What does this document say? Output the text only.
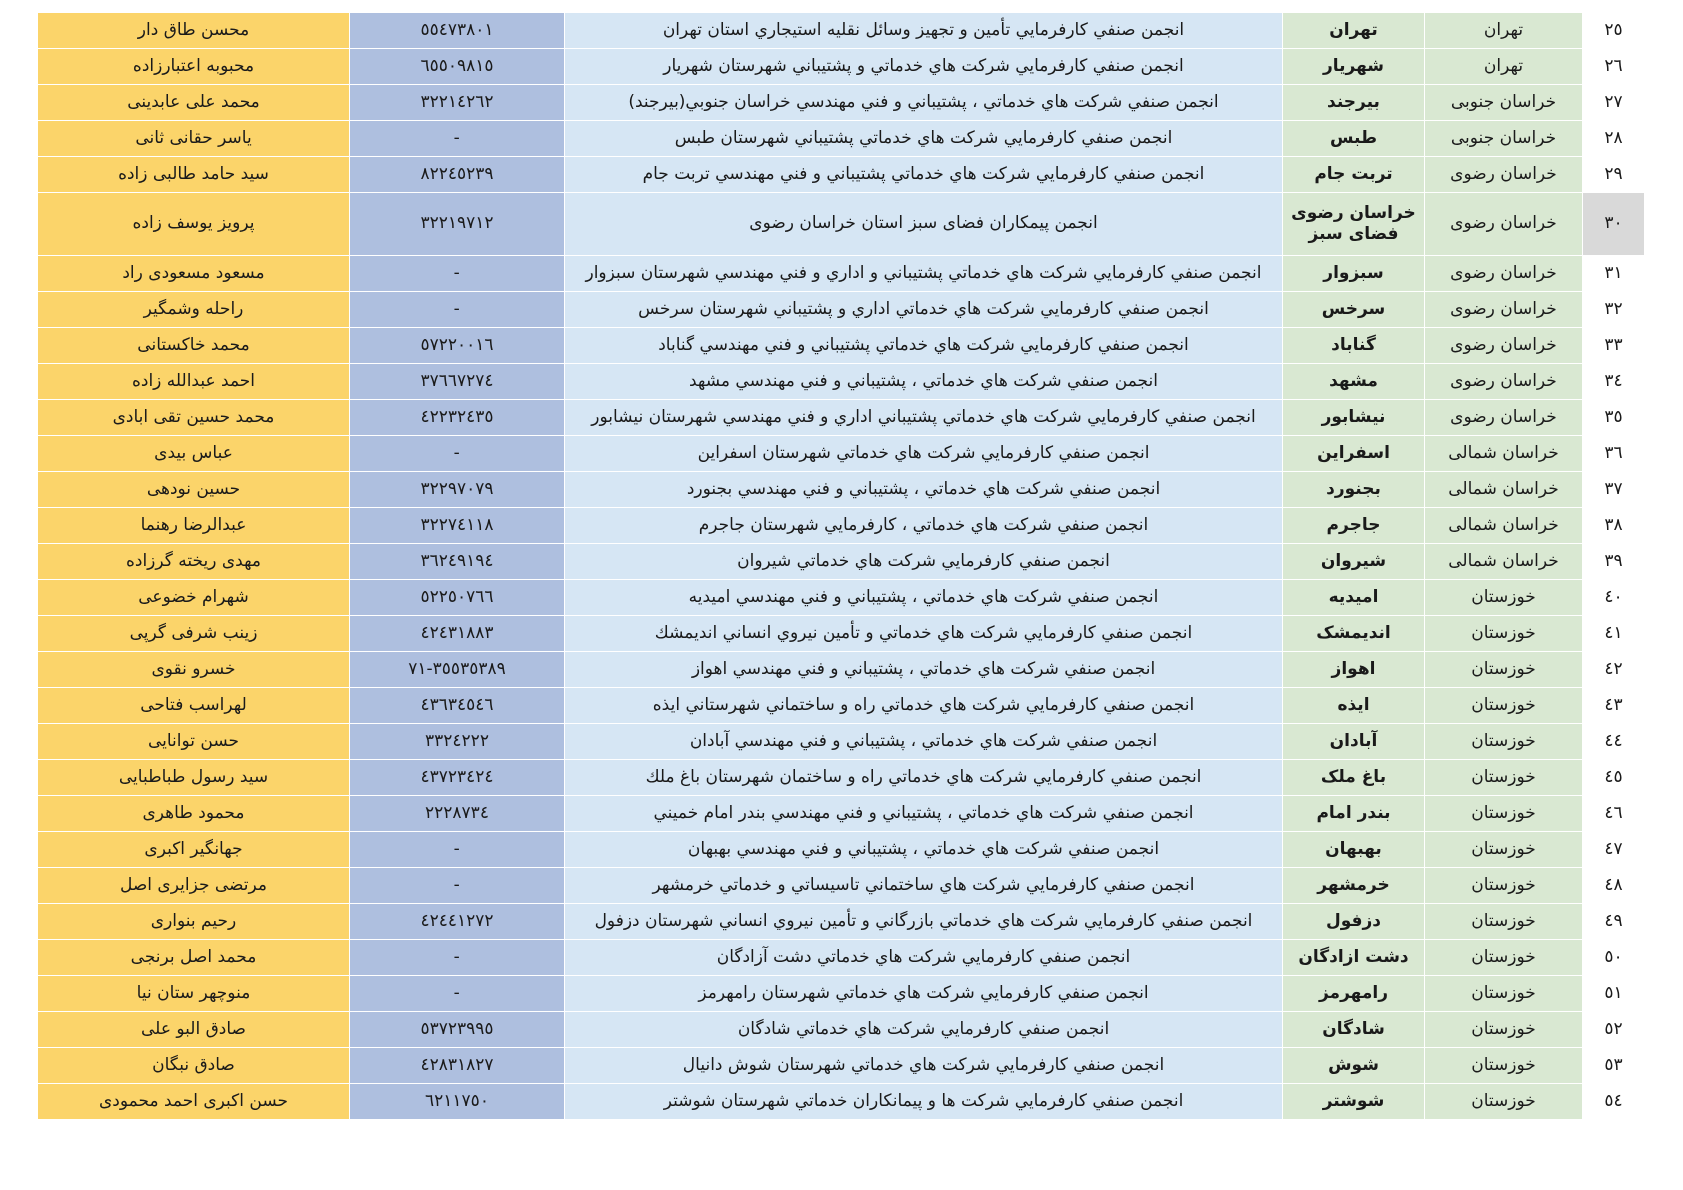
٢٥	تهران	تهران	انجمن صنفي كارفرمايي تأمين و تجهيز وسائل نقليه استيجاري استان تهران	٥٥٤٧٣٨٠١	محسن طاق دار
٢٦	تهران	شهریار	انجمن صنفي كارفرمايي شركت هاي خدماتي و پشتيباني شهرستان شهريار	٦٥٥٠٩٨١٥	محبوبه اعتبارزاده
٢٧	خراسان جنوبی	بیرجند	انجمن صنفي شركت هاي خدماتي ، پشتيباني و فني مهندسي خراسان جنوبي(بيرجند)	٣٢٢١٤٢٦٢	محمد علی عابدینی
٢٨	خراسان جنوبی	طبس	انجمن صنفي كارفرمايي شركت هاي خدماتي پشتيباني شهرستان طبس	-	یاسر حقانی ثانی
٢٩	خراسان رضوی	تربت جام	انجمن صنفي كارفرمايي شركت هاي خدماتي پشتيباني و فني مهندسي تربت جام	٨٢٢٤٥٢٣٩	سید حامد طالبی زاده
٣٠	خراسان رضوی	خراسان رضوی فضای سبز	انجمن پیمکاران فضای سبز استان خراسان رضوی	٣٢٢١٩٧١٢	پرویز یوسف زاده
٣١	خراسان رضوی	سبزوار	انجمن صنفي كارفرمايي شركت هاي خدماتي پشتيباني و اداري و فني مهندسي شهرستان سبزوار	-	مسعود مسعودی راد
٣٢	خراسان رضوی	سرخس	انجمن صنفي كارفرمايي شركت هاي خدماتي اداري و پشتيباني شهرستان سرخس	-	راحله وشمگیر
٣٣	خراسان رضوی	گناباد	انجمن صنفي كارفرمايي شركت هاي خدماتي پشتيباني و فني مهندسي گناباد	٥٧٢٢٠٠١٦	محمد خاکستانی
٣٤	خراسان رضوی	مشهد	انجمن صنفي شركت هاي خدماتي ، پشتيباني و فني مهندسي مشهد	٣٧٦٦٧٢٧٤	احمد عبدالله زاده
٣٥	خراسان رضوی	نیشابور	انجمن صنفي كارفرمايي شركت هاي خدماتي پشتيباني اداري و فني مهندسي شهرستان نيشابور	٤٢٢٣٢٤٣٥	محمد حسین تقی ابادی
٣٦	خراسان شمالی	اسفراین	انجمن صنفي كارفرمايي شركت هاي خدماتي شهرستان اسفراين	-	عباس بیدی
٣٧	خراسان شمالی	بجنورد	انجمن صنفي شركت هاي خدماتي ، پشتيباني و فني مهندسي بجنورد	٣٢٢٩٧٠٧٩	حسین نودهی
٣٨	خراسان شمالی	جاجرم	انجمن صنفي شركت هاي خدماتي ، كارفرمايي شهرستان جاجرم	٣٢٢٧٤١١٨	عبدالرضا رهنما
٣٩	خراسان شمالی	شیروان	انجمن صنفي كارفرمايي شركت هاي خدماتي شيروان	٣٦٢٤٩١٩٤	مهدی ریخته گرزاده
٤٠	خوزستان	امیدیه	انجمن صنفي شركت هاي خدماتي ، پشتيباني و فني مهندسي اميديه	٥٢٢٥٠٧٦٦	شهرام خضوعی
٤١	خوزستان	اندیمشک	انجمن صنفي كارفرمايي شركت هاي خدماتي و تأمين نيروي انساني انديمشك	٤٢٤٣١٨٨٣	زینب شرفی گرپی
٤٢	خوزستان	اهواز	انجمن صنفي شركت هاي خدماتي ، پشتيباني و فني مهندسي اهواز	٣٥٥٣٥٣٨٩-٧١	خسرو نقوی
٤٣	خوزستان	ایذه	انجمن صنفي كارفرمايي شركت هاي خدماتي راه و ساختماني شهرستاني ايذه	٤٣٦٣٤٥٤٦	لهراسب فتاحی
٤٤	خوزستان	آبادان	انجمن صنفي شركت هاي خدماتي ، پشتيباني و فني مهندسي آبادان	٣٣٢٤٢٢٢	حسن توانایی
٤٥	خوزستان	باغ ملک	انجمن صنفي كارفرمايي شركت هاي خدماتي راه و ساختمان شهرستان باغ ملك	٤٣٧٢٣٤٢٤	سید رسول طباطبایی
٤٦	خوزستان	بندر امام	انجمن صنفي شركت هاي خدماتي ، پشتيباني و فني مهندسي بندر امام خميني	٢٢٢٨٧٣٤	محمود طاهری
٤٧	خوزستان	بهبهان	انجمن صنفي شركت هاي خدماتي ، پشتيباني و فني مهندسي بهبهان	-	جهانگیر اکبری
٤٨	خوزستان	خرمشهر	انجمن صنفي كارفرمايي شركت هاي ساختماني تاسيساتي و خدماتي خرمشهر	-	مرتضی جزایری اصل
٤٩	خوزستان	دزفول	انجمن صنفي كارفرمايي شركت هاي خدماتي بازرگاني و تأمين نيروي انساني شهرستان دزفول	٤٢٤٤١٢٧٢	رحیم بنواری
٥٠	خوزستان	دشت ازادگان	انجمن صنفي كارفرمايي شركت هاي خدماتي دشت آزادگان	-	محمد اصل برنجی
٥١	خوزستان	رامهرمز	انجمن صنفي كارفرمايي شركت هاي خدماتي شهرستان رامهرمز	-	منوچهر ستان نیا
٥٢	خوزستان	شادگان	انجمن صنفي كارفرمايي شركت هاي خدماتي شادگان	٥٣٧٢٣٩٩٥	صادق البو علی
٥٣	خوزستان	شوش	انجمن صنفي كارفرمايي شركت هاي خدماتي شهرستان شوش دانيال	٤٢٨٣١٨٢٧	صادق نبگان
٥٤	خوزستان	شوشتر	انجمن صنفي كارفرمايي شركت ها و پيمانكاران خدماتي شهرستان شوشتر	٦٢١١٧٥٠	حسن اکبری احمد محمودی
